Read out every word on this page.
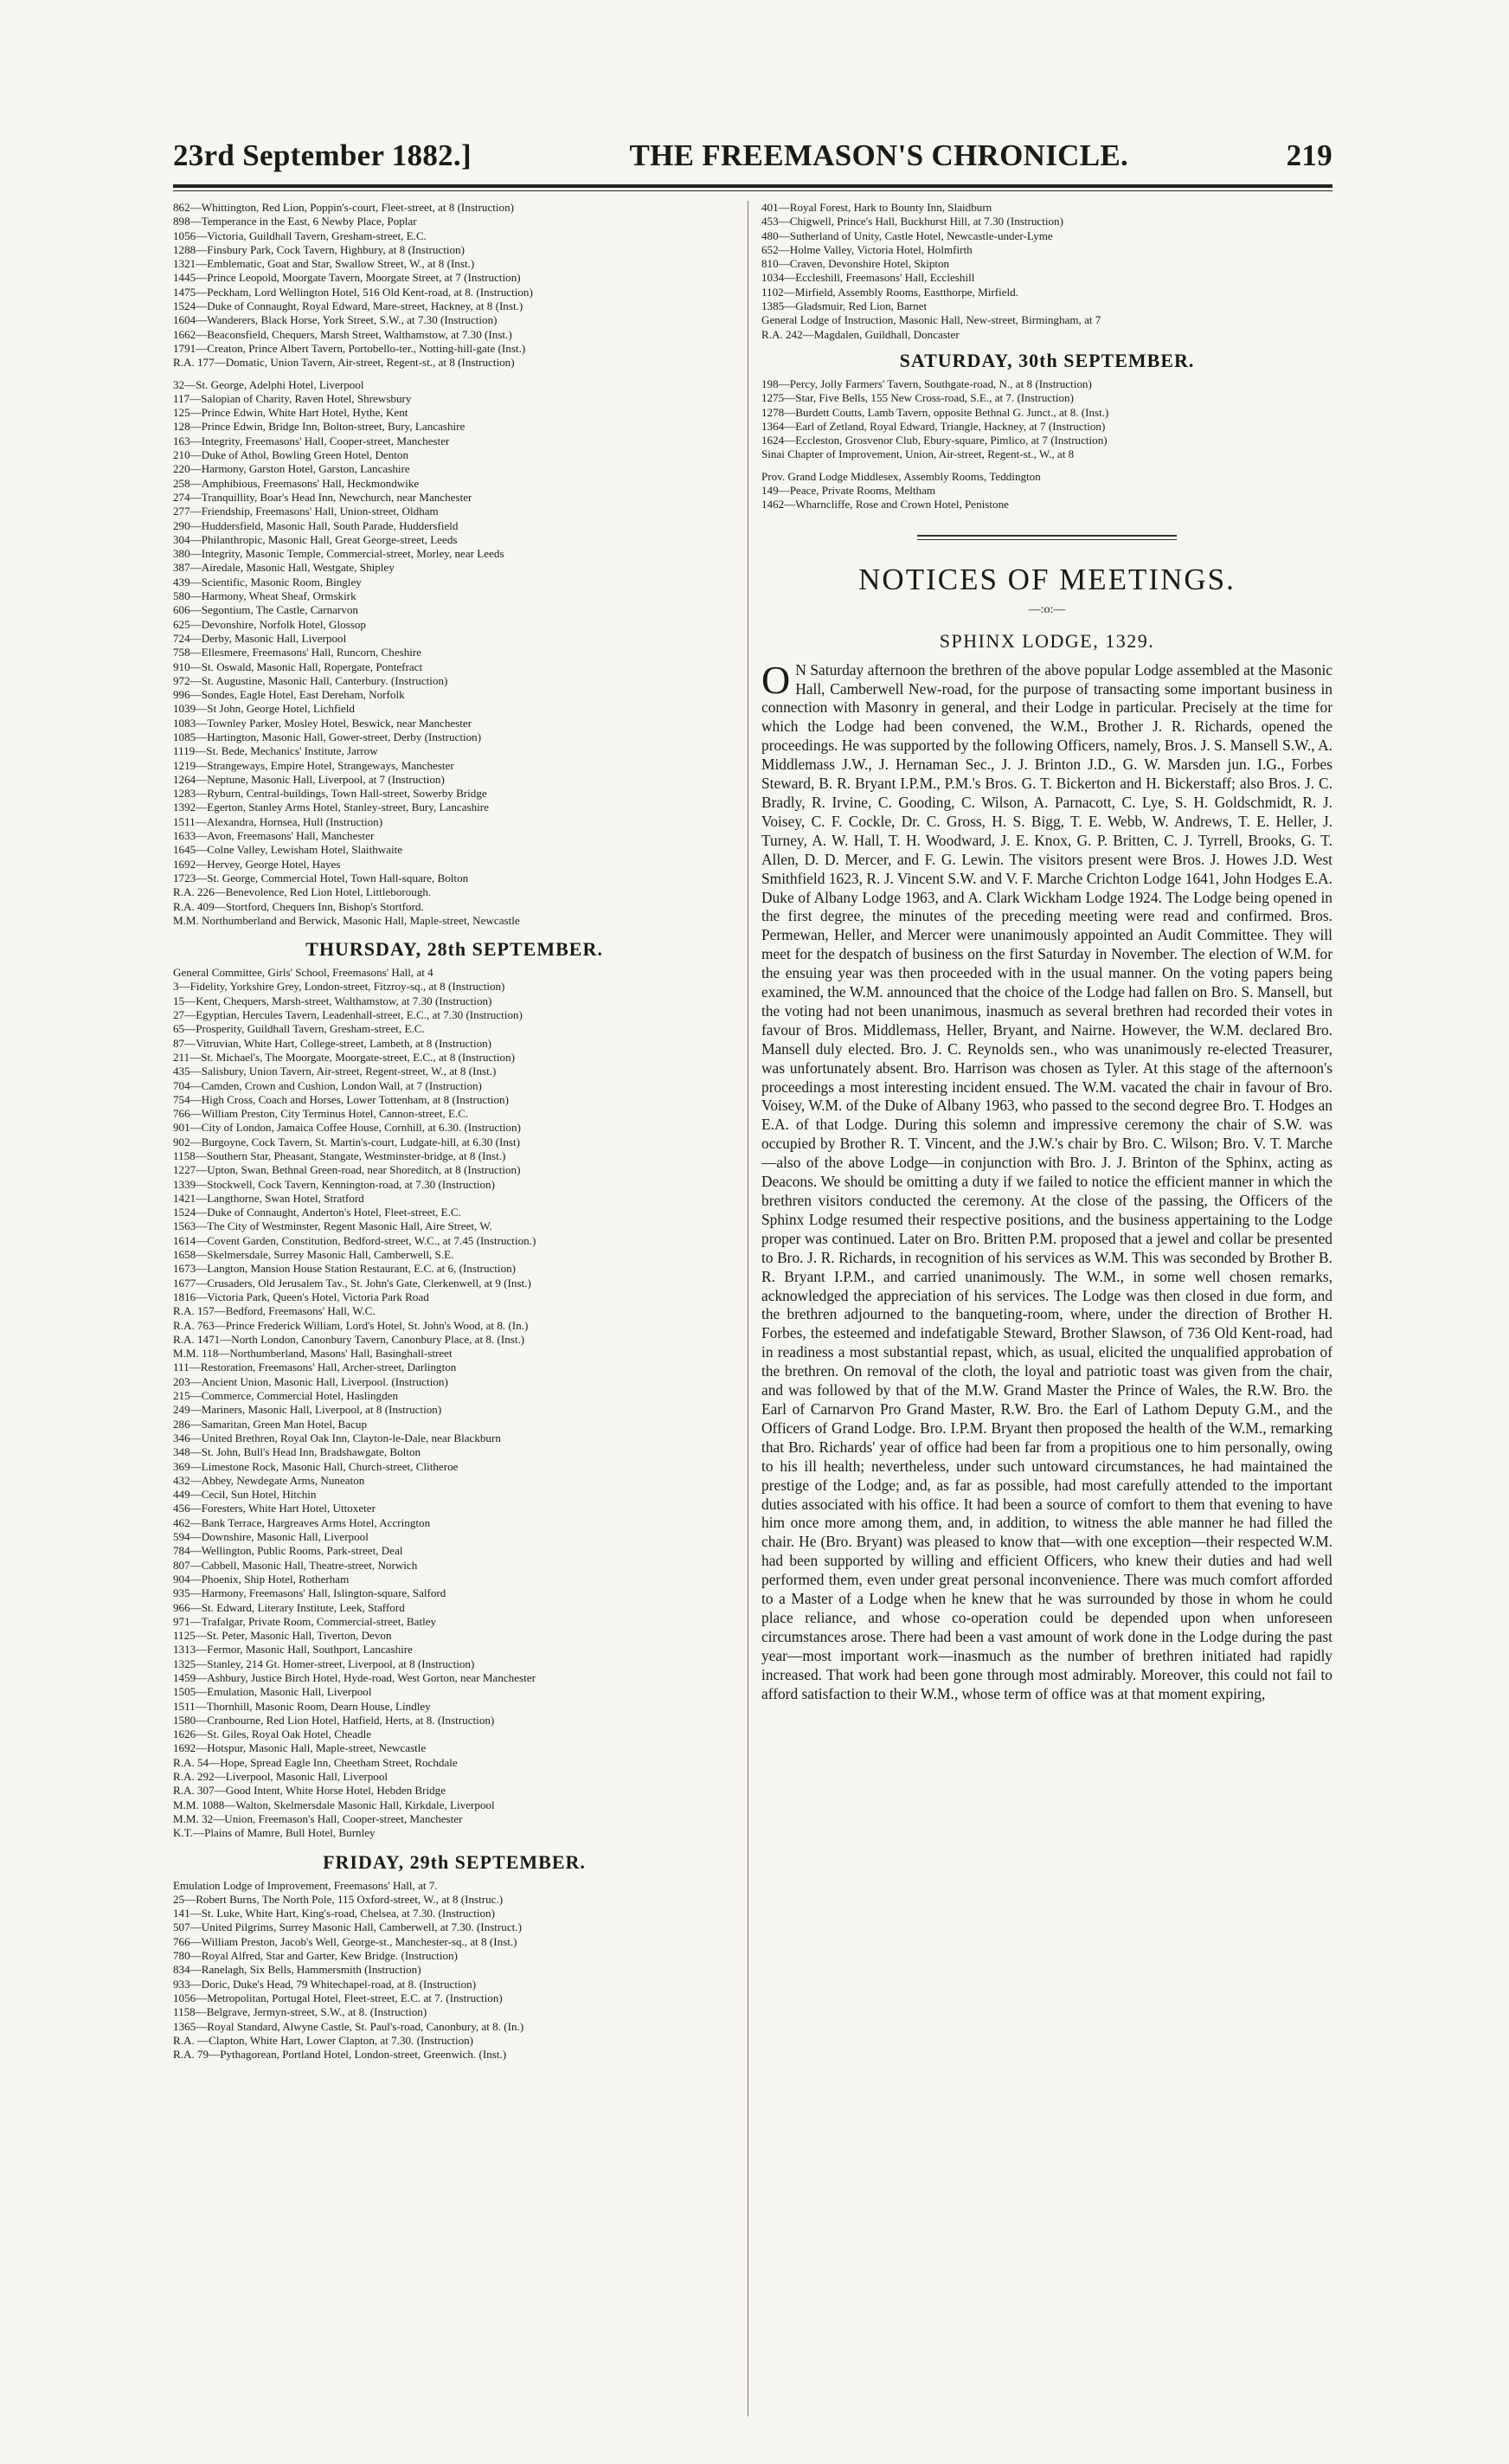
23rd September 1882.]	THE FREEMASON'S CHRONICLE.	219
862—Whittington, Red Lion, Poppin's-court, Fleet-street, at 8 (Instruction)
898—Temperance in the East, 6 Newby Place, Poplar
1056—Victoria, Guildhall Tavern, Gresham-street, E.C.
1288—Finsbury Park, Cock Tavern, Highbury, at 8 (Instruction)
1321—Emblematic, Goat and Star, Swallow Street, W., at 8 (Inst.)
1445—Prince Leopold, Moorgate Tavern, Moorgate Street, at 7 (Instruction)
1475—Peckham, Lord Wellington Hotel, 516 Old Kent-road, at 8. (Instruction)
1524—Duke of Connaught, Royal Edward, Mare-street, Hackney, at 8 (Inst.)
1604—Wanderers, Black Horse, York Street, S.W., at 7.30 (Instruction)
1662—Beaconsfield, Chequers, Marsh Street, Walthamstow, at 7.30 (Inst.)
1791—Creaton, Prince Albert Tavern, Portobello-ter., Notting-hill-gate (Inst.)
R.A. 177—Domatic, Union Tavern, Air-street, Regent-st., at 8 (Instruction)
32—St. George, Adelphi Hotel, Liverpool
117—Salopian of Charity, Raven Hotel, Shrewsbury
125—Prince Edwin, White Hart Hotel, Hythe, Kent
128—Prince Edwin, Bridge Inn, Bolton-street, Bury, Lancashire
163—Integrity, Freemasons' Hall, Cooper-street, Manchester
210—Duke of Athol, Bowling Green Hotel, Denton
220—Harmony, Garston Hotel, Garston, Lancashire
258—Amphibious, Freemasons' Hall, Heckmondwike
274—Tranquillity, Boar's Head Inn, Newchurch, near Manchester
277—Friendship, Freemasons' Hall, Union-street, Oldham
290—Huddersfield, Masonic Hall, South Parade, Huddersfield
304—Philanthropic, Masonic Hall, Great George-street, Leeds
380—Integrity, Masonic Temple, Commercial-street, Morley, near Leeds
387—Airedale, Masonic Hall, Westgate, Shipley
439—Scientific, Masonic Room, Bingley
580—Harmony, Wheat Sheaf, Ormskirk
606—Segontium, The Castle, Carnarvon
625—Devonshire, Norfolk Hotel, Glossop
724—Derby, Masonic Hall, Liverpool
758—Ellesmere, Freemasons' Hall, Runcorn, Cheshire
910—St. Oswald, Masonic Hall, Ropergate, Pontefract
972—St. Augustine, Masonic Hall, Canterbury. (Instruction)
996—Sondes, Eagle Hotel, East Dereham, Norfolk
1039—St John, George Hotel, Lichfield
1083—Townley Parker, Mosley Hotel, Beswick, near Manchester
1085—Hartington, Masonic Hall, Gower-street, Derby (Instruction)
1119—St. Bede, Mechanics' Institute, Jarrow
1219—Strangeways, Empire Hotel, Strangeways, Manchester
1264—Neptune, Masonic Hall, Liverpool, at 7 (Instruction)
1283—Ryburn, Central-buildings, Town Hall-street, Sowerby Bridge
1392—Egerton, Stanley Arms Hotel, Stanley-street, Bury, Lancashire
1511—Alexandra, Hornsea, Hull (Instruction)
1633—Avon, Freemasons' Hall, Manchester
1645—Colne Valley, Lewisham Hotel, Slaithwaite
1692—Hervey, George Hotel, Hayes
1723—St. George, Commercial Hotel, Town Hall-square, Bolton
R.A. 226—Benevolence, Red Lion Hotel, Littleborough.
R.A. 409—Stortford, Chequers Inn, Bishop's Stortford.
M.M. Northumberland and Berwick, Masonic Hall, Maple-street, Newcastle
THURSDAY, 28th SEPTEMBER.
General Committee, Girls' School, Freemasons' Hall, at 4
3—Fidelity, Yorkshire Grey, London-street, Fitzroy-sq., at 8 (Instruction)
15—Kent, Chequers, Marsh-street, Walthamstow, at 7.30 (Instruction)
27—Egyptian, Hercules Tavern, Leadenhall-street, E.C., at 7.30 (Instruction)
65—Prosperity, Guildhall Tavern, Gresham-street, E.C.
87—Vitruvian, White Hart, College-street, Lambeth, at 8 (Instruction)
211—St. Michael's, The Moorgate, Moorgate-street, E.C., at 8 (Instruction)
435—Salisbury, Union Tavern, Air-street, Regent-street, W., at 8 (Inst.)
704—Camden, Crown and Cushion, London Wall, at 7 (Instruction)
754—High Cross, Coach and Horses, Lower Tottenham, at 8 (Instruction)
766—William Preston, City Terminus Hotel, Cannon-street, E.C.
901—City of London, Jamaica Coffee House, Cornhill, at 6.30. (Instruction)
902—Burgoyne, Cock Tavern, St. Martin's-court, Ludgate-hill, at 6.30 (Inst)
1158—Southern Star, Pheasant, Stangate, Westminster-bridge, at 8 (Inst.)
1227—Upton, Swan, Bethnal Green-road, near Shoreditch, at 8 (Instruction)
1339—Stockwell, Cock Tavern, Kennington-road, at 7.30 (Instruction)
1421—Langthorne, Swan Hotel, Stratford
1524—Duke of Connaught, Anderton's Hotel, Fleet-street, E.C.
1563—The City of Westminster, Regent Masonic Hall, Aire Street, W.
1614—Covent Garden, Constitution, Bedford-street, W.C., at 7.45 (Instruction.)
1658—Skelmersdale, Surrey Masonic Hall, Camberwell, S.E.
1673—Langton, Mansion House Station Restaurant, E.C. at 6, (Instruction)
1677—Crusaders, Old Jerusalem Tav., St. John's Gate, Clerkenwell, at 9 (Inst.)
1816—Victoria Park, Queen's Hotel, Victoria Park Road
R.A. 157—Bedford, Freemasons' Hall, W.C.
R.A. 763—Prince Frederick William, Lord's Hotel, St. John's Wood, at 8. (In.)
R.A. 1471—North London, Canonbury Tavern, Canonbury Place, at 8. (Inst.)
M.M. 118—Northumberland, Masons' Hall, Basinghall-street
111—Restoration, Freemasons' Hall, Archer-street, Darlington
203—Ancient Union, Masonic Hall, Liverpool. (Instruction)
215—Commerce, Commercial Hotel, Haslingden
249—Mariners, Masonic Hall, Liverpool, at 8 (Instruction)
286—Samaritan, Green Man Hotel, Bacup
346—United Brethren, Royal Oak Inn, Clayton-le-Dale, near Blackburn
348—St. John, Bull's Head Inn, Bradshawgate, Bolton
369—Limestone Rock, Masonic Hall, Church-street, Clitheroe
432—Abbey, Newdegate Arms, Nuneaton
449—Cecil, Sun Hotel, Hitchin
456—Foresters, White Hart Hotel, Uttoxeter
462—Bank Terrace, Hargreaves Arms Hotel, Accrington
594—Downshire, Masonic Hall, Liverpool
784—Wellington, Public Rooms, Park-street, Deal
807—Cabbell, Masonic Hall, Theatre-street, Norwich
904—Phoenix, Ship Hotel, Rotherham
935—Harmony, Freemasons' Hall, Islington-square, Salford
966—St. Edward, Literary Institute, Leek, Stafford
971—Trafalgar, Private Room, Commercial-street, Batley
1125—St. Peter, Masonic Hall, Tiverton, Devon
1313—Fermor, Masonic Hall, Southport, Lancashire
1325—Stanley, 214 Gt. Homer-street, Liverpool, at 8 (Instruction)
1459—Ashbury, Justice Birch Hotel, Hyde-road, West Gorton, near Manchester
1505—Emulation, Masonic Hall, Liverpool
1511—Thornhill, Masonic Room, Dearn House, Lindley
1580—Cranbourne, Red Lion Hotel, Hatfield, Herts, at 8. (Instruction)
1626—St. Giles, Royal Oak Hotel, Cheadle
1692—Hotspur, Masonic Hall, Maple-street, Newcastle
R.A. 54—Hope, Spread Eagle Inn, Cheetham Street, Rochdale
R.A. 292—Liverpool, Masonic Hall, Liverpool
R.A. 307—Good Intent, White Horse Hotel, Hebden Bridge
M.M. 1088—Walton, Skelmersdale Masonic Hall, Kirkdale, Liverpool
M.M. 32—Union, Freemason's Hall, Cooper-street, Manchester
K.T.—Plains of Mamre, Bull Hotel, Burnley
FRIDAY, 29th SEPTEMBER.
Emulation Lodge of Improvement, Freemasons' Hall, at 7.
25—Robert Burns, The North Pole, 115 Oxford-street, W., at 8 (Instruc.)
141—St. Luke, White Hart, King's-road, Chelsea, at 7.30. (Instruction)
507—United Pilgrims, Surrey Masonic Hall, Camberwell, at 7.30. (Instruct.)
766—William Preston, Jacob's Well, George-st., Manchester-sq., at 8 (Inst.)
780—Royal Alfred, Star and Garter, Kew Bridge. (Instruction)
834—Ranelagh, Six Bells, Hammersmith (Instruction)
933—Doric, Duke's Head, 79 Whitechapel-road, at 8. (Instruction)
1056—Metropolitan, Portugal Hotel, Fleet-street, E.C. at 7. (Instruction)
1158—Belgrave, Jermyn-street, S.W., at 8. (Instruction)
1365—Royal Standard, Alwyne Castle, St. Paul's-road, Canonbury, at 8. (In.)
R.A. —Clapton, White Hart, Lower Clapton, at 7.30. (Instruction)
R.A. 79—Pythagorean, Portland Hotel, London-street, Greenwich. (Inst.)
401—Royal Forest, Hark to Bounty Inn, Slaidburn
453—Chigwell, Prince's Hall, Buckhurst Hill, at 7.30 (Instruction)
480—Sutherland of Unity, Castle Hotel, Newcastle-under-Lyme
652—Holme Valley, Victoria Hotel, Holmfirth
810—Craven, Devonshire Hotel, Skipton
1034—Eccleshill, Freemasons' Hall, Eccleshill
1102—Mirfield, Assembly Rooms, Eastthorpe, Mirfield.
1385—Gladsmuir, Red Lion, Barnet
General Lodge of Instruction, Masonic Hall, New-street, Birmingham, at 7
R.A. 242—Magdalen, Guildhall, Doncaster
SATURDAY, 30th SEPTEMBER.
198—Percy, Jolly Farmers' Tavern, Southgate-road, N., at 8 (Instruction)
1275—Star, Five Bells, 155 New Cross-road, S.E., at 7. (Instruction)
1278—Burdett Coutts, Lamb Tavern, opposite Bethnal G. Junct., at 8. (Inst.)
1364—Earl of Zetland, Royal Edward, Triangle, Hackney, at 7 (Instruction)
1624—Eccleston, Grosvenor Club, Ebury-square, Pimlico, at 7 (Instruction)
Sinai Chapter of Improvement, Union, Air-street, Regent-st., W., at 8
Prov. Grand Lodge Middlesex, Assembly Rooms, Teddington
149—Peace, Private Rooms, Meltham
1462—Wharncliffe, Rose and Crown Hotel, Penistone
NOTICES OF MEETINGS.
—:o:—
SPHINX LODGE, 1329.

O N Saturday afternoon the brethren of the above popular Lodge assembled at the Masonic Hall, Camberwell New-road, for the purpose of transacting some important business in connection with Masonry in general, and their Lodge in particular. Precisely at the time for which the Lodge had been convened, the W.M., Brother J. R. Richards, opened the proceedings. He was supported by the following Officers, namely, Bros. J. S. Mansell S.W., A. Middlemass J.W., J. Hernaman Sec., J. J. Brinton J.D., G. W. Marsden jun. I.G., Forbes Steward, B. R. Bryant I.P.M., P.M.'s Bros. G. T. Bickerton and H. Bickerstaff; also Bros. J. C. Bradly, R. Irvine, C. Gooding, C. Wilson, A. Parnacott, C. Lye, S. H. Goldschmidt, R. J. Voisey, C. F. Cockle, Dr. C. Gross, H. S. Bigg, T. E. Webb, W. Andrews, T. E. Heller, J. Turney, A. W. Hall, T. H. Woodward, J. E. Knox, G. P. Britten, C. J. Tyrrell, Brooks, G. T. Allen, D. D. Mercer, and F. G. Lewin. The visitors present were Bros. J. Howes J.D. West Smithfield 1623, R. J. Vincent S.W. and V. F. Marche Crichton Lodge 1641, John Hodges E.A. Duke of Albany Lodge 1963, and A. Clark Wickham Lodge 1924. The Lodge being opened in the first degree, the minutes of the preceding meeting were read and confirmed. Bros. Permewan, Heller, and Mercer were unanimously appointed an Audit Committee. They will meet for the despatch of business on the first Saturday in November. The election of W.M. for the ensuing year was then proceeded with in the usual manner. On the voting papers being examined, the W.M. announced that the choice of the Lodge had fallen on Bro. S. Mansell, but the voting had not been unanimous, inasmuch as several brethren had recorded their votes in favour of Bros. Middlemass, Heller, Bryant, and Nairne. However, the W.M. declared Bro. Mansell duly elected. Bro. J. C. Reynolds sen., who was unanimously re-elected Treasurer, was unfortunately absent. Bro. Harrison was chosen as Tyler. At this stage of the afternoon's proceedings a most interesting incident ensued. The W.M. vacated the chair in favour of Bro. Voisey, W.M. of the Duke of Albany 1963, who passed to the second degree Bro. T. Hodges an E.A. of that Lodge. During this solemn and impressive ceremony the chair of S.W. was occupied by Brother R. T. Vincent, and the J.W.'s chair by Bro. C. Wilson; Bro. V. T. Marche—also of the above Lodge—in conjunction with Bro. J. J. Brinton of the Sphinx, acting as Deacons. We should be omitting a duty if we failed to notice the efficient manner in which the brethren visitors conducted the ceremony. At the close of the passing, the Officers of the Sphinx Lodge resumed their respective positions, and the business appertaining to the Lodge proper was continued. Later on Bro. Britten P.M. proposed that a jewel and collar be presented to Bro. J. R. Richards, in recognition of his services as W.M. This was seconded by Brother B. R. Bryant I.P.M., and carried unanimously. The W.M., in some well chosen remarks, acknowledged the appreciation of his services. The Lodge was then closed in due form, and the brethren adjourned to the banqueting-room, where, under the direction of Brother H. Forbes, the esteemed and indefatigable Steward, Brother Slawson, of 736 Old Kent-road, had in readiness a most substantial repast, which, as usual, elicited the unqualified approbation of the brethren. On removal of the cloth, the loyal and patriotic toast was given from the chair, and was followed by that of the M.W. Grand Master the Prince of Wales, the R.W. Bro. the Earl of Carnarvon Pro Grand Master, R.W. Bro. the Earl of Lathom Deputy G.M., and the Officers of Grand Lodge. Bro. I.P.M. Bryant then proposed the health of the W.M., remarking that Bro. Richards' year of office had been far from a propitious one to him personally, owing to his ill health; nevertheless, under such untoward circumstances, he had maintained the prestige of the Lodge; and, as far as possible, had most carefully attended to the important duties associated with his office. It had been a source of comfort to them that evening to have him once more among them, and, in addition, to witness the able manner he had filled the chair. He (Bro. Bryant) was pleased to know that—with one exception—their respected W.M. had been supported by willing and efficient Officers, who knew their duties and had well performed them, even under great personal inconvenience. There was much comfort afforded to a Master of a Lodge when he knew that he was surrounded by those in whom he could place reliance, and whose co-operation could be depended upon when unforeseen circumstances arose. There had been a vast amount of work done in the Lodge during the past year—most important work—inasmuch as the number of brethren initiated had rapidly increased. That work had been gone through most admirably. Moreover, this could not fail to afford satisfaction to their W.M., whose term of office was at that moment expiring,
